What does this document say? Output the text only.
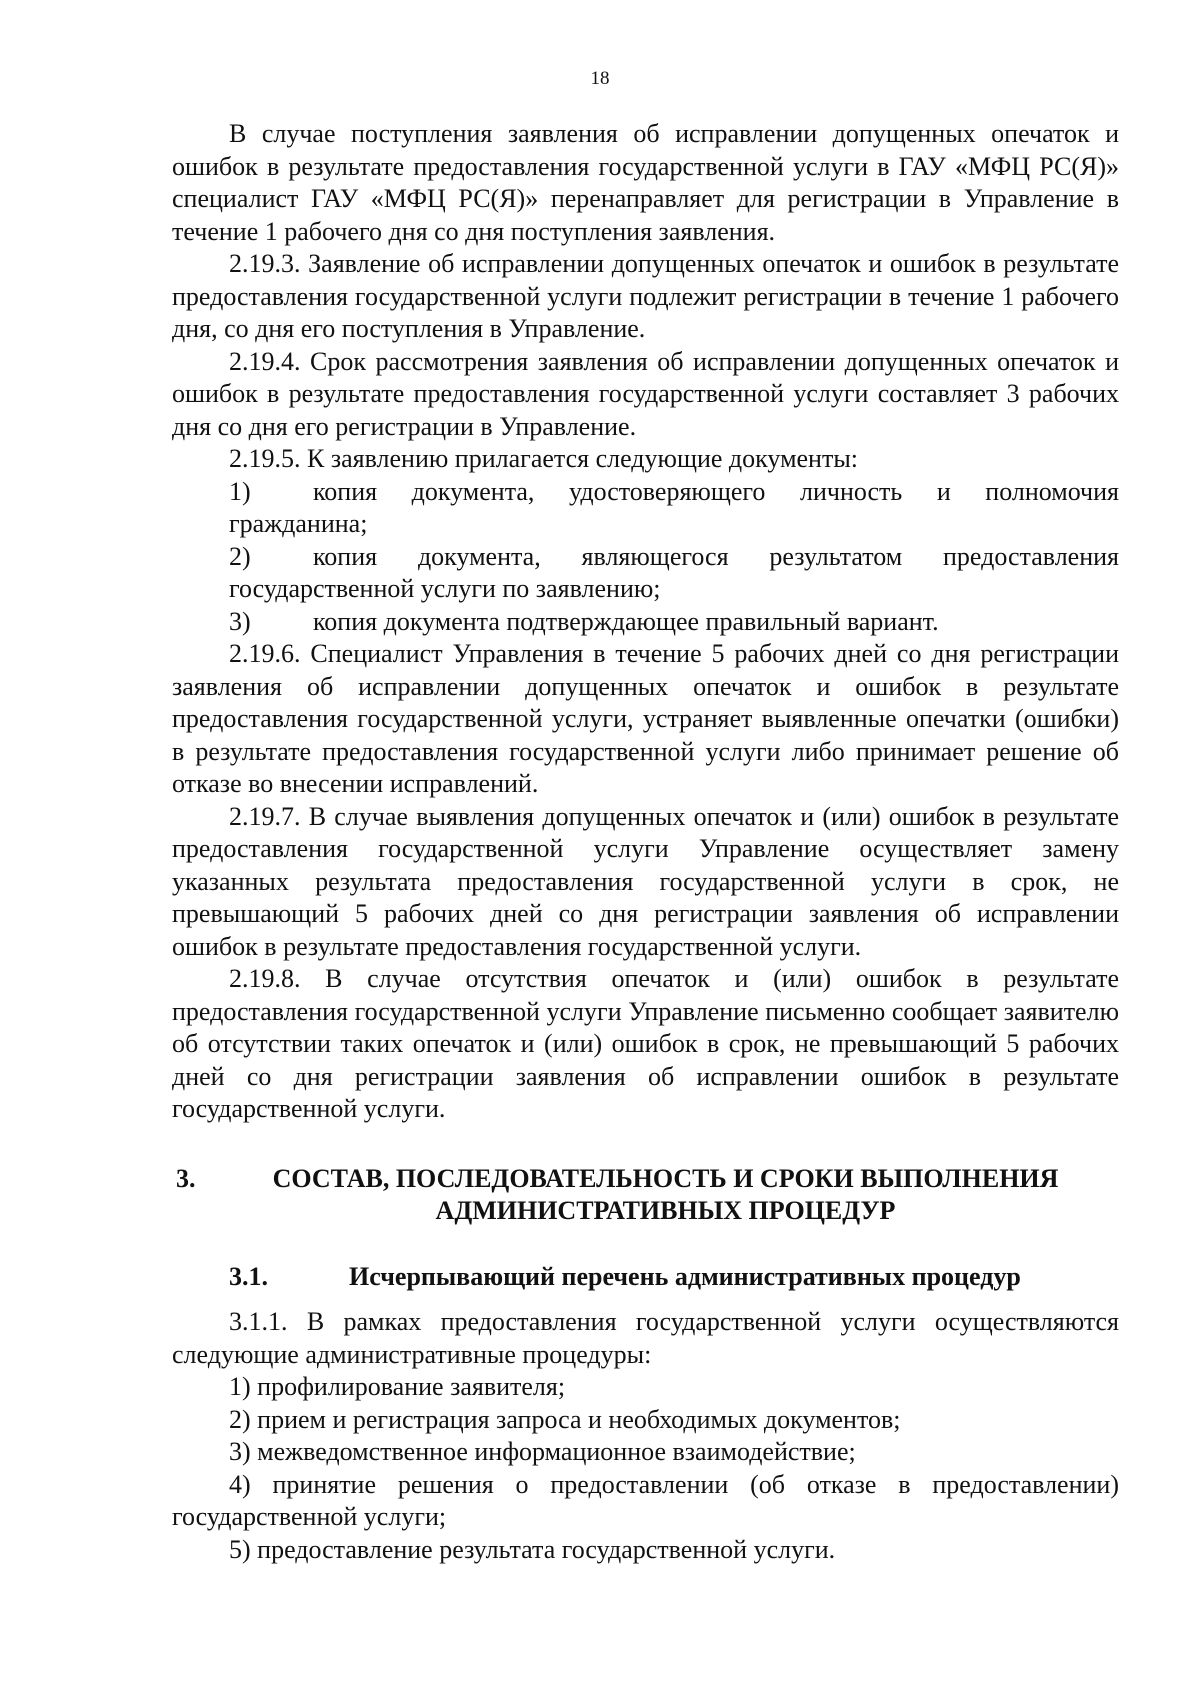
18

В случае поступления заявления об исправлении допущенных опечаток и ошибок в результате предоставления государственной услуги в ГАУ «МФЦ РС(Я)» специалист ГАУ «МФЦ РС(Я)» перенаправляет для регистрации в Управление в течение 1 рабочего дня со дня поступления заявления.

2.19.3. Заявление об исправлении допущенных опечаток и ошибок в результате предоставления государственной услуги подлежит регистрации в течение 1 рабочего дня, со дня его поступления в Управление.

2.19.4. Срок рассмотрения заявления об исправлении допущенных опечаток и ошибок в результате предоставления государственной услуги составляет 3 рабочих дня со дня его регистрации в Управление.

2.19.5. К заявлению прилагается следующие документы:

1)	копия документа, удостоверяющего личность и полномочия

гражданина;

2)	копия документа, являющегося результатом предоставления

государственной услуги по заявлению;

3)	копия документа подтверждающее правильный вариант.

2.19.6. Специалист Управления в течение 5 рабочих дней со дня регистрации заявления об исправлении допущенных опечаток и ошибок в результате предоставления государственной услуги, устраняет выявленные опечатки (ошибки) в результате предоставления государственной услуги либо принимает решение об отказе во внесении исправлений.

2.19.7. В случае выявления допущенных опечаток и (или) ошибок в результате предоставления государственной услуги Управление осуществляет замену указанных результата предоставления государственной услуги в срок, не превышающий 5 рабочих дней со дня регистрации заявления об исправлении ошибок в результате предоставления государственной услуги.

2.19.8. В случае отсутствия опечаток и (или) ошибок в результате предоставления государственной услуги Управление письменно сообщает заявителю об отсутствии таких опечаток и (или) ошибок в срок, не превышающий 5 рабочих дней со дня регистрации заявления об исправлении ошибок в результате государственной услуги.

3.	СОСТАВ, ПОСЛЕДОВАТЕЛЬНОСТЬ И СРОКИ ВЫПОЛНЕНИЯ АДМИНИСТРАТИВНЫХ ПРОЦЕДУР
3.1.	Исчерпывающий перечень административных процедур

3.1.1. В рамках предоставления государственной услуги осуществляются следующие административные процедуры:

1) профилирование заявителя;

2) прием и регистрация запроса и необходимых документов;

3) межведомственное информационное взаимодействие;

4) принятие решения о предоставлении (об отказе в предоставлении) государственной услуги;

5) предоставление результата государственной услуги.
